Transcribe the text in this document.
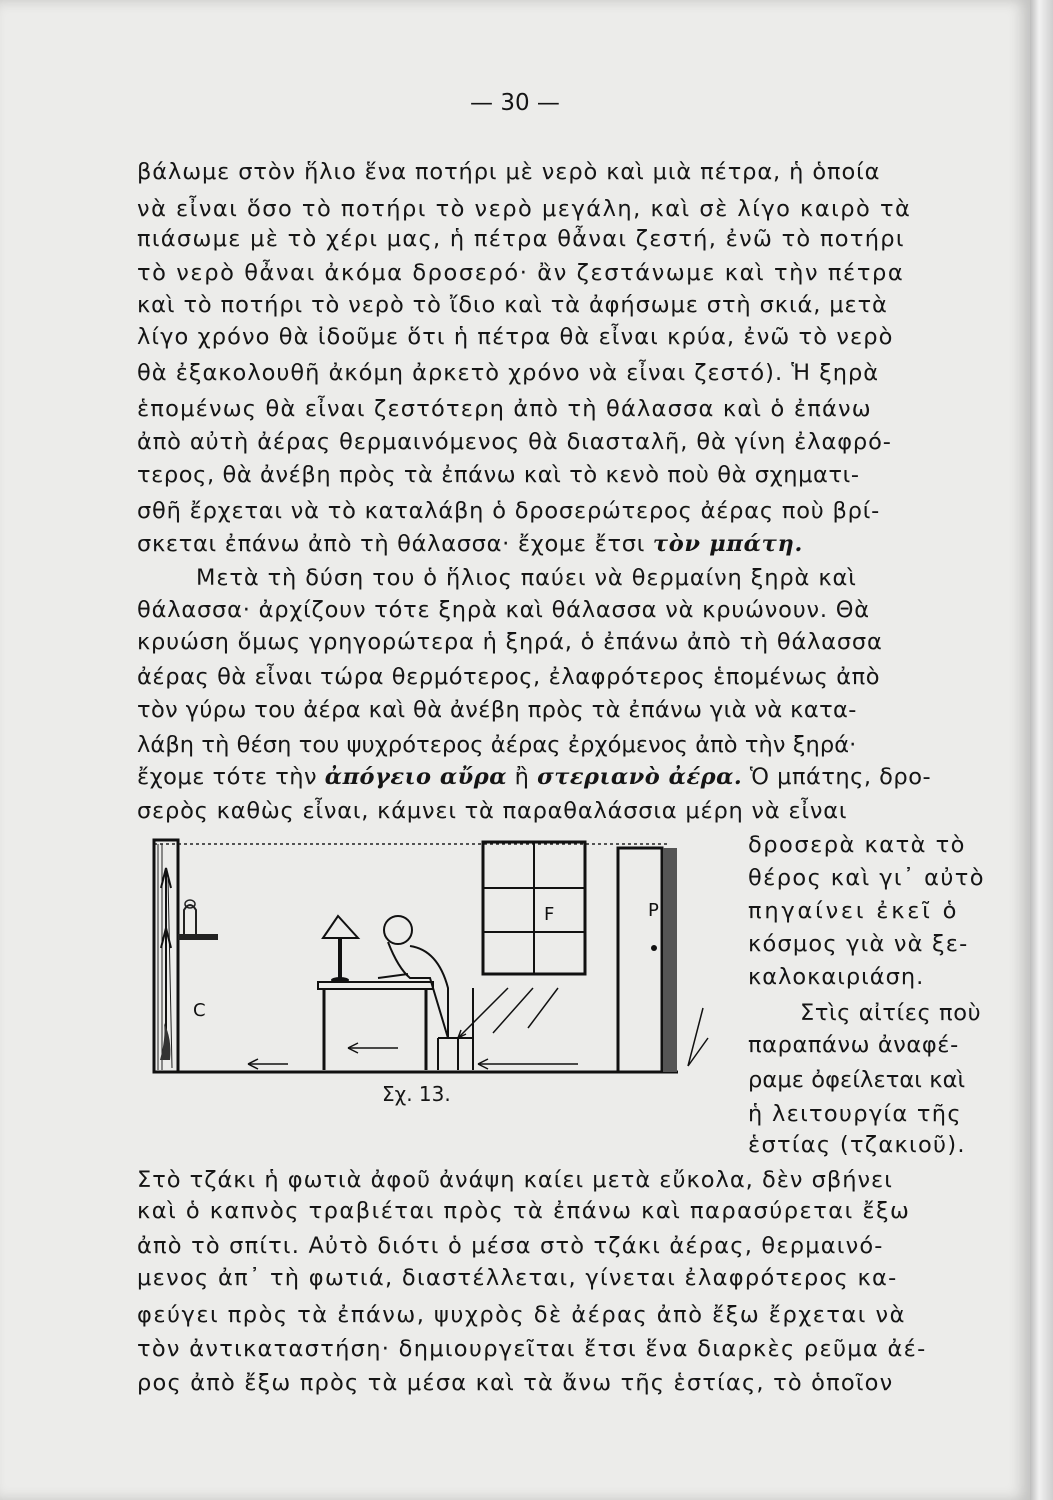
— 30 —
βάλωμε στὸν ἥλιο ἕνα ποτήρι μὲ νερὸ καὶ μιὰ πέτρα, ἡ ὁποία
νὰ εἶναι ὅσο τὸ ποτήρι τὸ νερὸ μεγάλη, καὶ σὲ λίγο καιρὸ τὰ
πιάσωμε μὲ τὸ χέρι μας, ἡ πέτρα θἆναι ζεστή, ἐνῶ τὸ ποτήρι
τὸ νερὸ θἆναι ἀκόμα δροσερό· ἂν ζεστάνωμε καὶ τὴν πέτρα
καὶ τὸ ποτήρι τὸ νερὸ τὸ ἴδιο καὶ τὰ ἀφήσωμε στὴ σκιά, μετὰ
λίγο χρόνο θὰ ἰδοῦμε ὅτι ἡ πέτρα θὰ εἶναι κρύα, ἐνῶ τὸ νερὸ
θὰ ἐξακολουθῆ ἀκόμη ἀρκετὸ χρόνο νὰ εἶναι ζεστό). Ἡ ξηρὰ
ἑπομένως θὰ εἶναι ζεστότερη ἀπὸ τὴ θάλασσα καὶ ὁ ἐπάνω
ἀπὸ αὐτὴ ἀέρας θερμαινόμενος θὰ διασταλῆ, θὰ γίνη ἐλαφρό-
τερος, θὰ ἀνέβη πρὸς τὰ ἐπάνω καὶ τὸ κενὸ ποὺ θὰ σχηματι-
σθῆ ἔρχεται νὰ τὸ καταλάβη ὁ δροσερώτερος ἀέρας ποὺ βρί-
σκεται ἐπάνω ἀπὸ τὴ θάλασσα· ἔχομε ἔτσι τὸν μπάτη.
Μετὰ τὴ δύση του ὁ ἥλιος παύει νὰ θερμαίνη ξηρὰ καὶ
θάλασσα· ἀρχίζουν τότε ξηρὰ καὶ θάλασσα νὰ κρυώνουν. Θὰ
κρυώση ὅμως γρηγορώτερα ἡ ξηρά, ὁ ἐπάνω ἀπὸ τὴ θάλασσα
ἀέρας θὰ εἶναι τώρα θερμότερος, ἐλαφρότερος ἑπομένως ἀπὸ
τὸν γύρω του ἀέρα καὶ θὰ ἀνέβη πρὸς τὰ ἐπάνω γιὰ νὰ κατα-
λάβη τὴ θέση του ψυχρότερος ἀέρας ἐρχόμενος ἀπὸ τὴν ξηρά·
ἔχομε τότε τὴν ἀπόγειο αὔρα ἢ στεριανὸ ἀέρα. Ὁ μπάτης, δρο-
σερὸς καθὼς εἶναι, κάμνει τὰ παραθαλάσσια μέρη νὰ εἶναι
δροσερὰ κατὰ τὸ
θέρος καὶ γι᾽ αὐτὸ
πηγαίνει ἐκεῖ ὁ
κόσμος γιὰ νὰ ξε-
καλοκαιριάση.
Στὶς αἰτίες ποὺ
παραπάνω ἀναφέ-
ραμε ὀφείλεται καὶ
ἡ λειτουργία τῆς
ἑστίας (τζακιοῦ).
C
F	P
Σχ. 13.
Στὸ τζάκι ἡ φωτιὰ ἀφοῦ ἀνάψη καίει μετὰ εὔκολα, δὲν σβήνει
καὶ ὁ καπνὸς τραβιέται πρὸς τὰ ἐπάνω καὶ παρασύρεται ἔξω
ἀπὸ τὸ σπίτι. Αὐτὸ διότι ὁ μέσα στὸ τζάκι ἀέρας, θερμαινό-
μενος ἀπ᾽ τὴ φωτιά, διαστέλλεται, γίνεται ἐλαφρότερος κα-
φεύγει πρὸς τὰ ἐπάνω, ψυχρὸς δὲ ἀέρας ἀπὸ ἔξω ἔρχεται νὰ
τὸν ἀντικαταστήση· δημιουργεῖται ἔτσι ἕνα διαρκὲς ρεῦμα ἀέ-
ρος ἀπὸ ἔξω πρὸς τὰ μέσα καὶ τὰ ἄνω τῆς ἑστίας, τὸ ὁποῖον
